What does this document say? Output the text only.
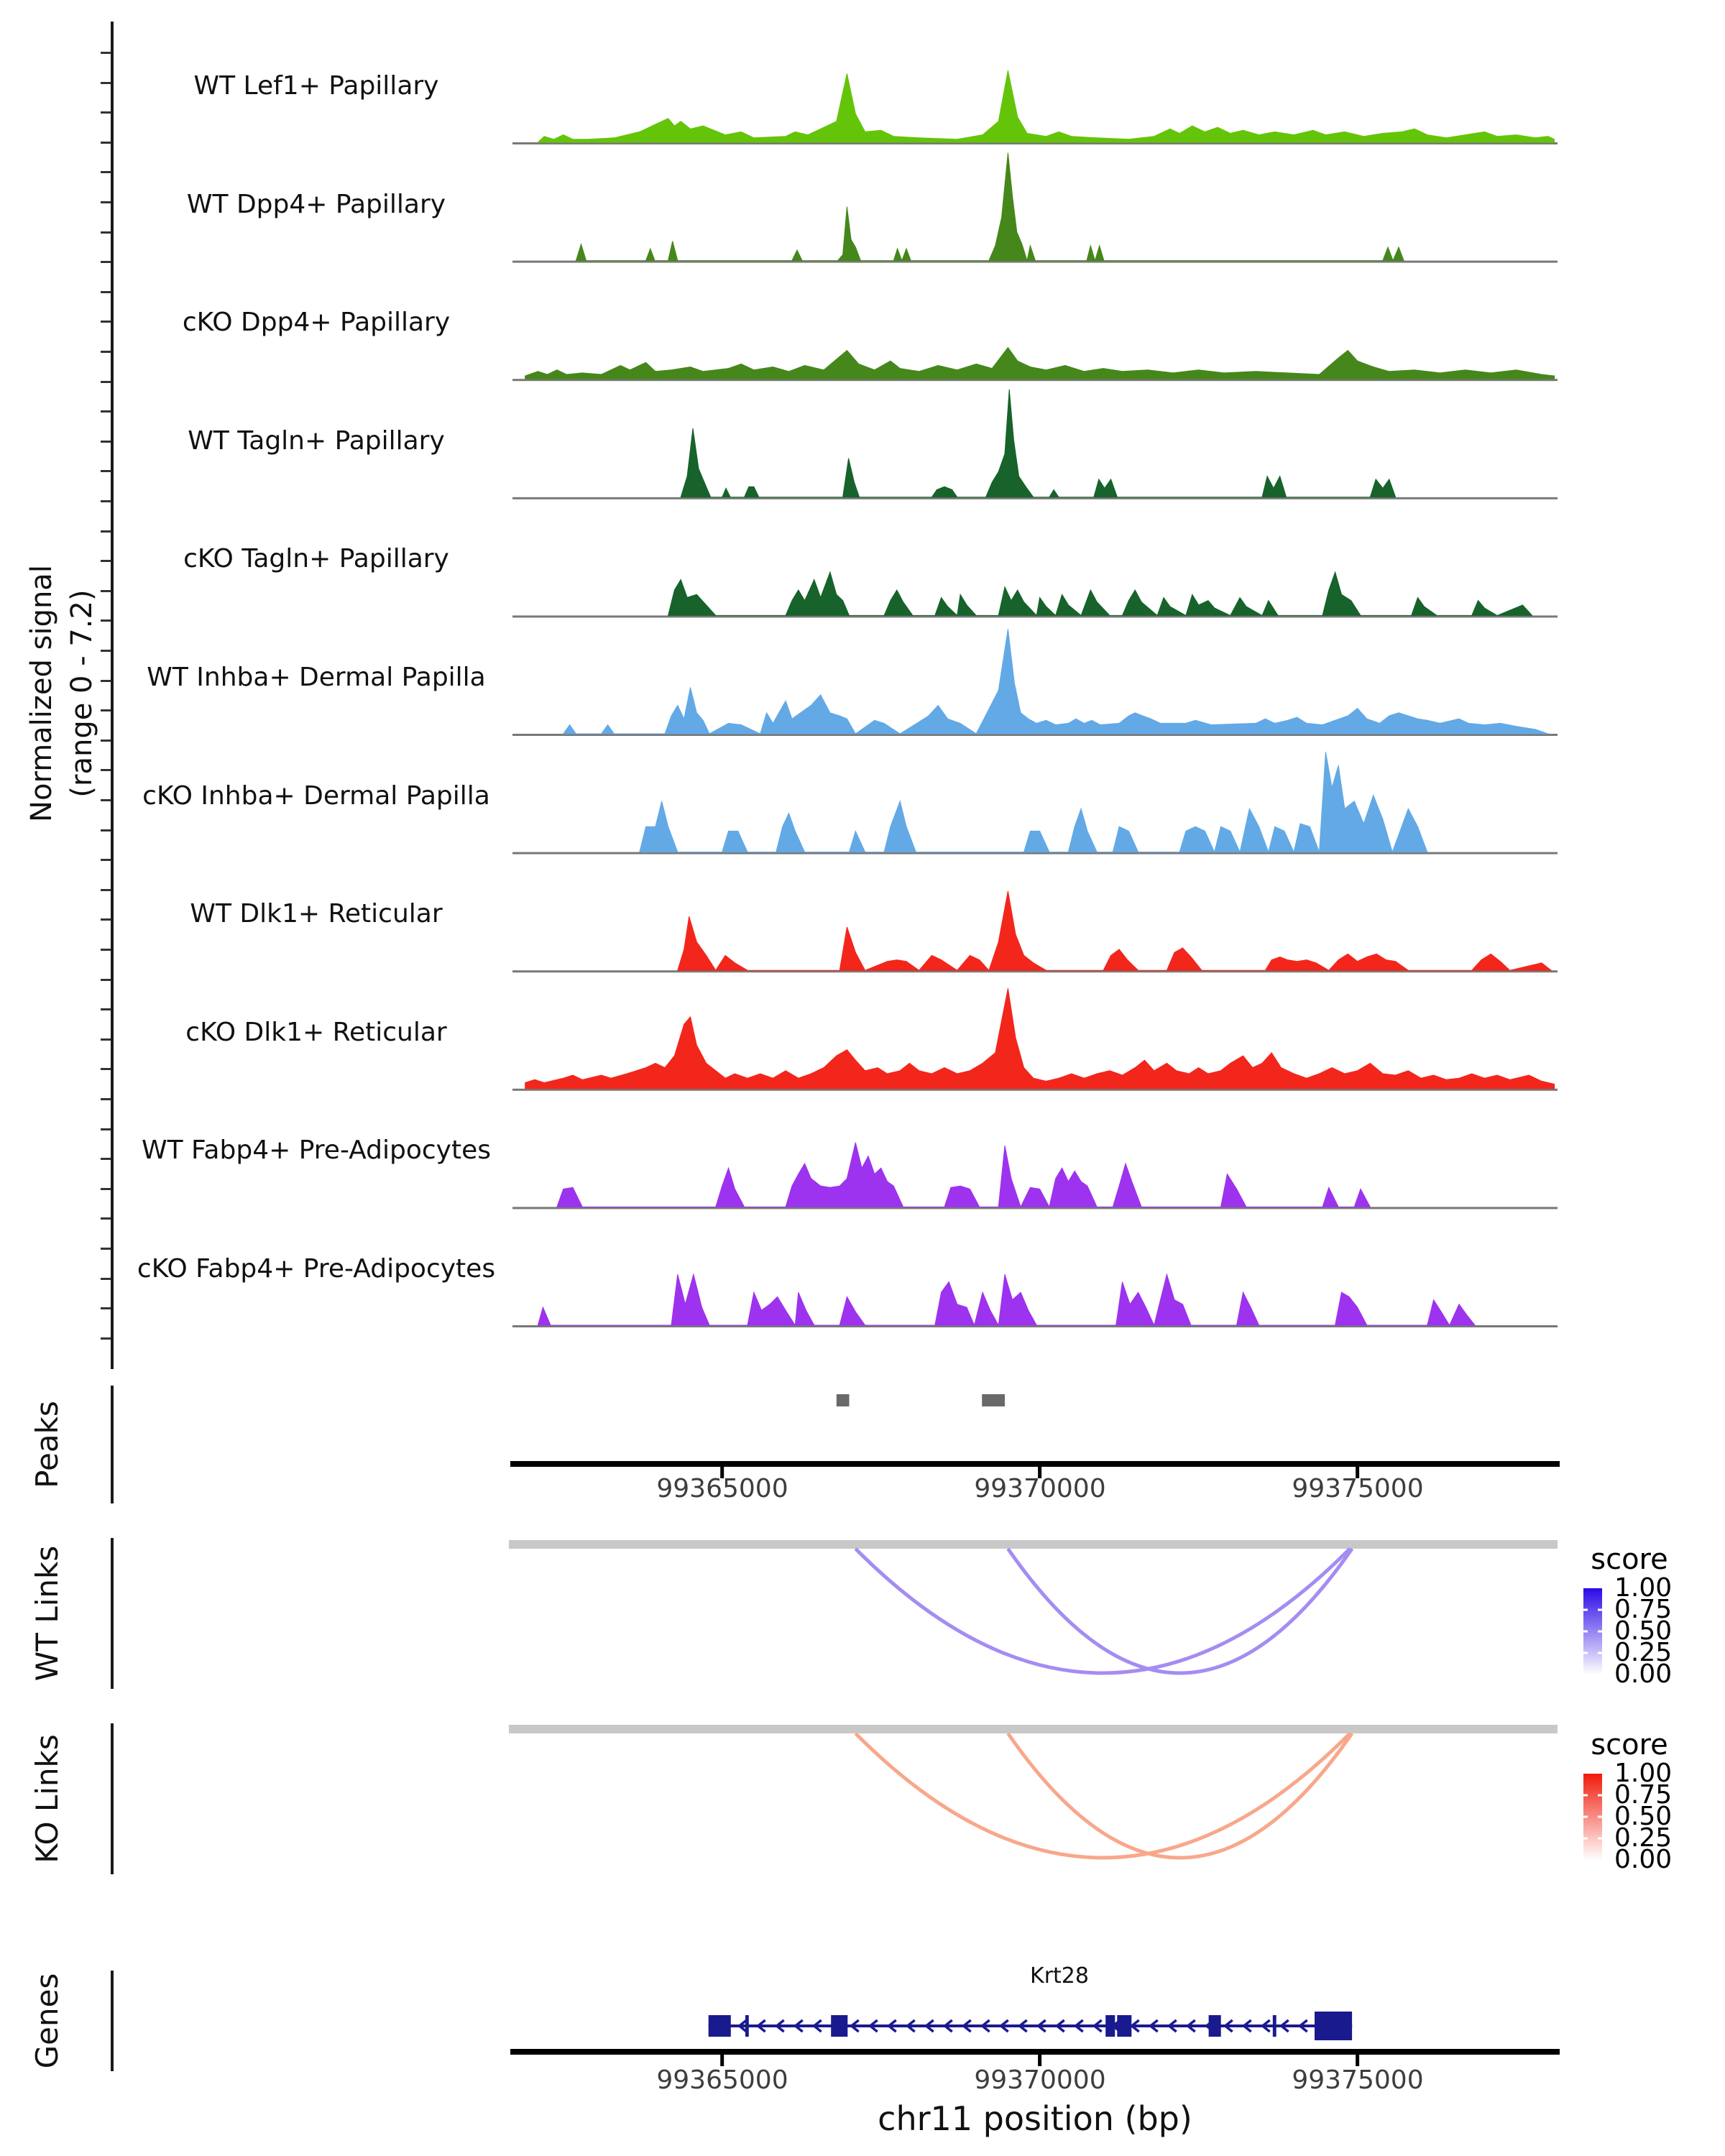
Normalized signal (range 0 - 7.2)
Peaks
WT Links
KO Links
Genes
score
score
Krt28
chr11 position (bp)
WT Lef1+ Papillary
WT Dpp4+ Papillary
cKO Dpp4+ Papillary
WT Tagln+ Papillary
cKO Tagln+ Papillary
WT Inhba+ Dermal Papilla
cKO Inhba+ Dermal Papilla
WT Dlk1+ Reticular
cKO Dlk1+ Reticular
WT Fabp4+ Pre-Adipocytes
cKO Fabp4+ Pre-Adipocytes
99365000	99370000	99375000
99365000	99370000	99375000
1.00
0.75
0.50
0.25
0.00
1.00
0.75
0.50
0.25
0.00
